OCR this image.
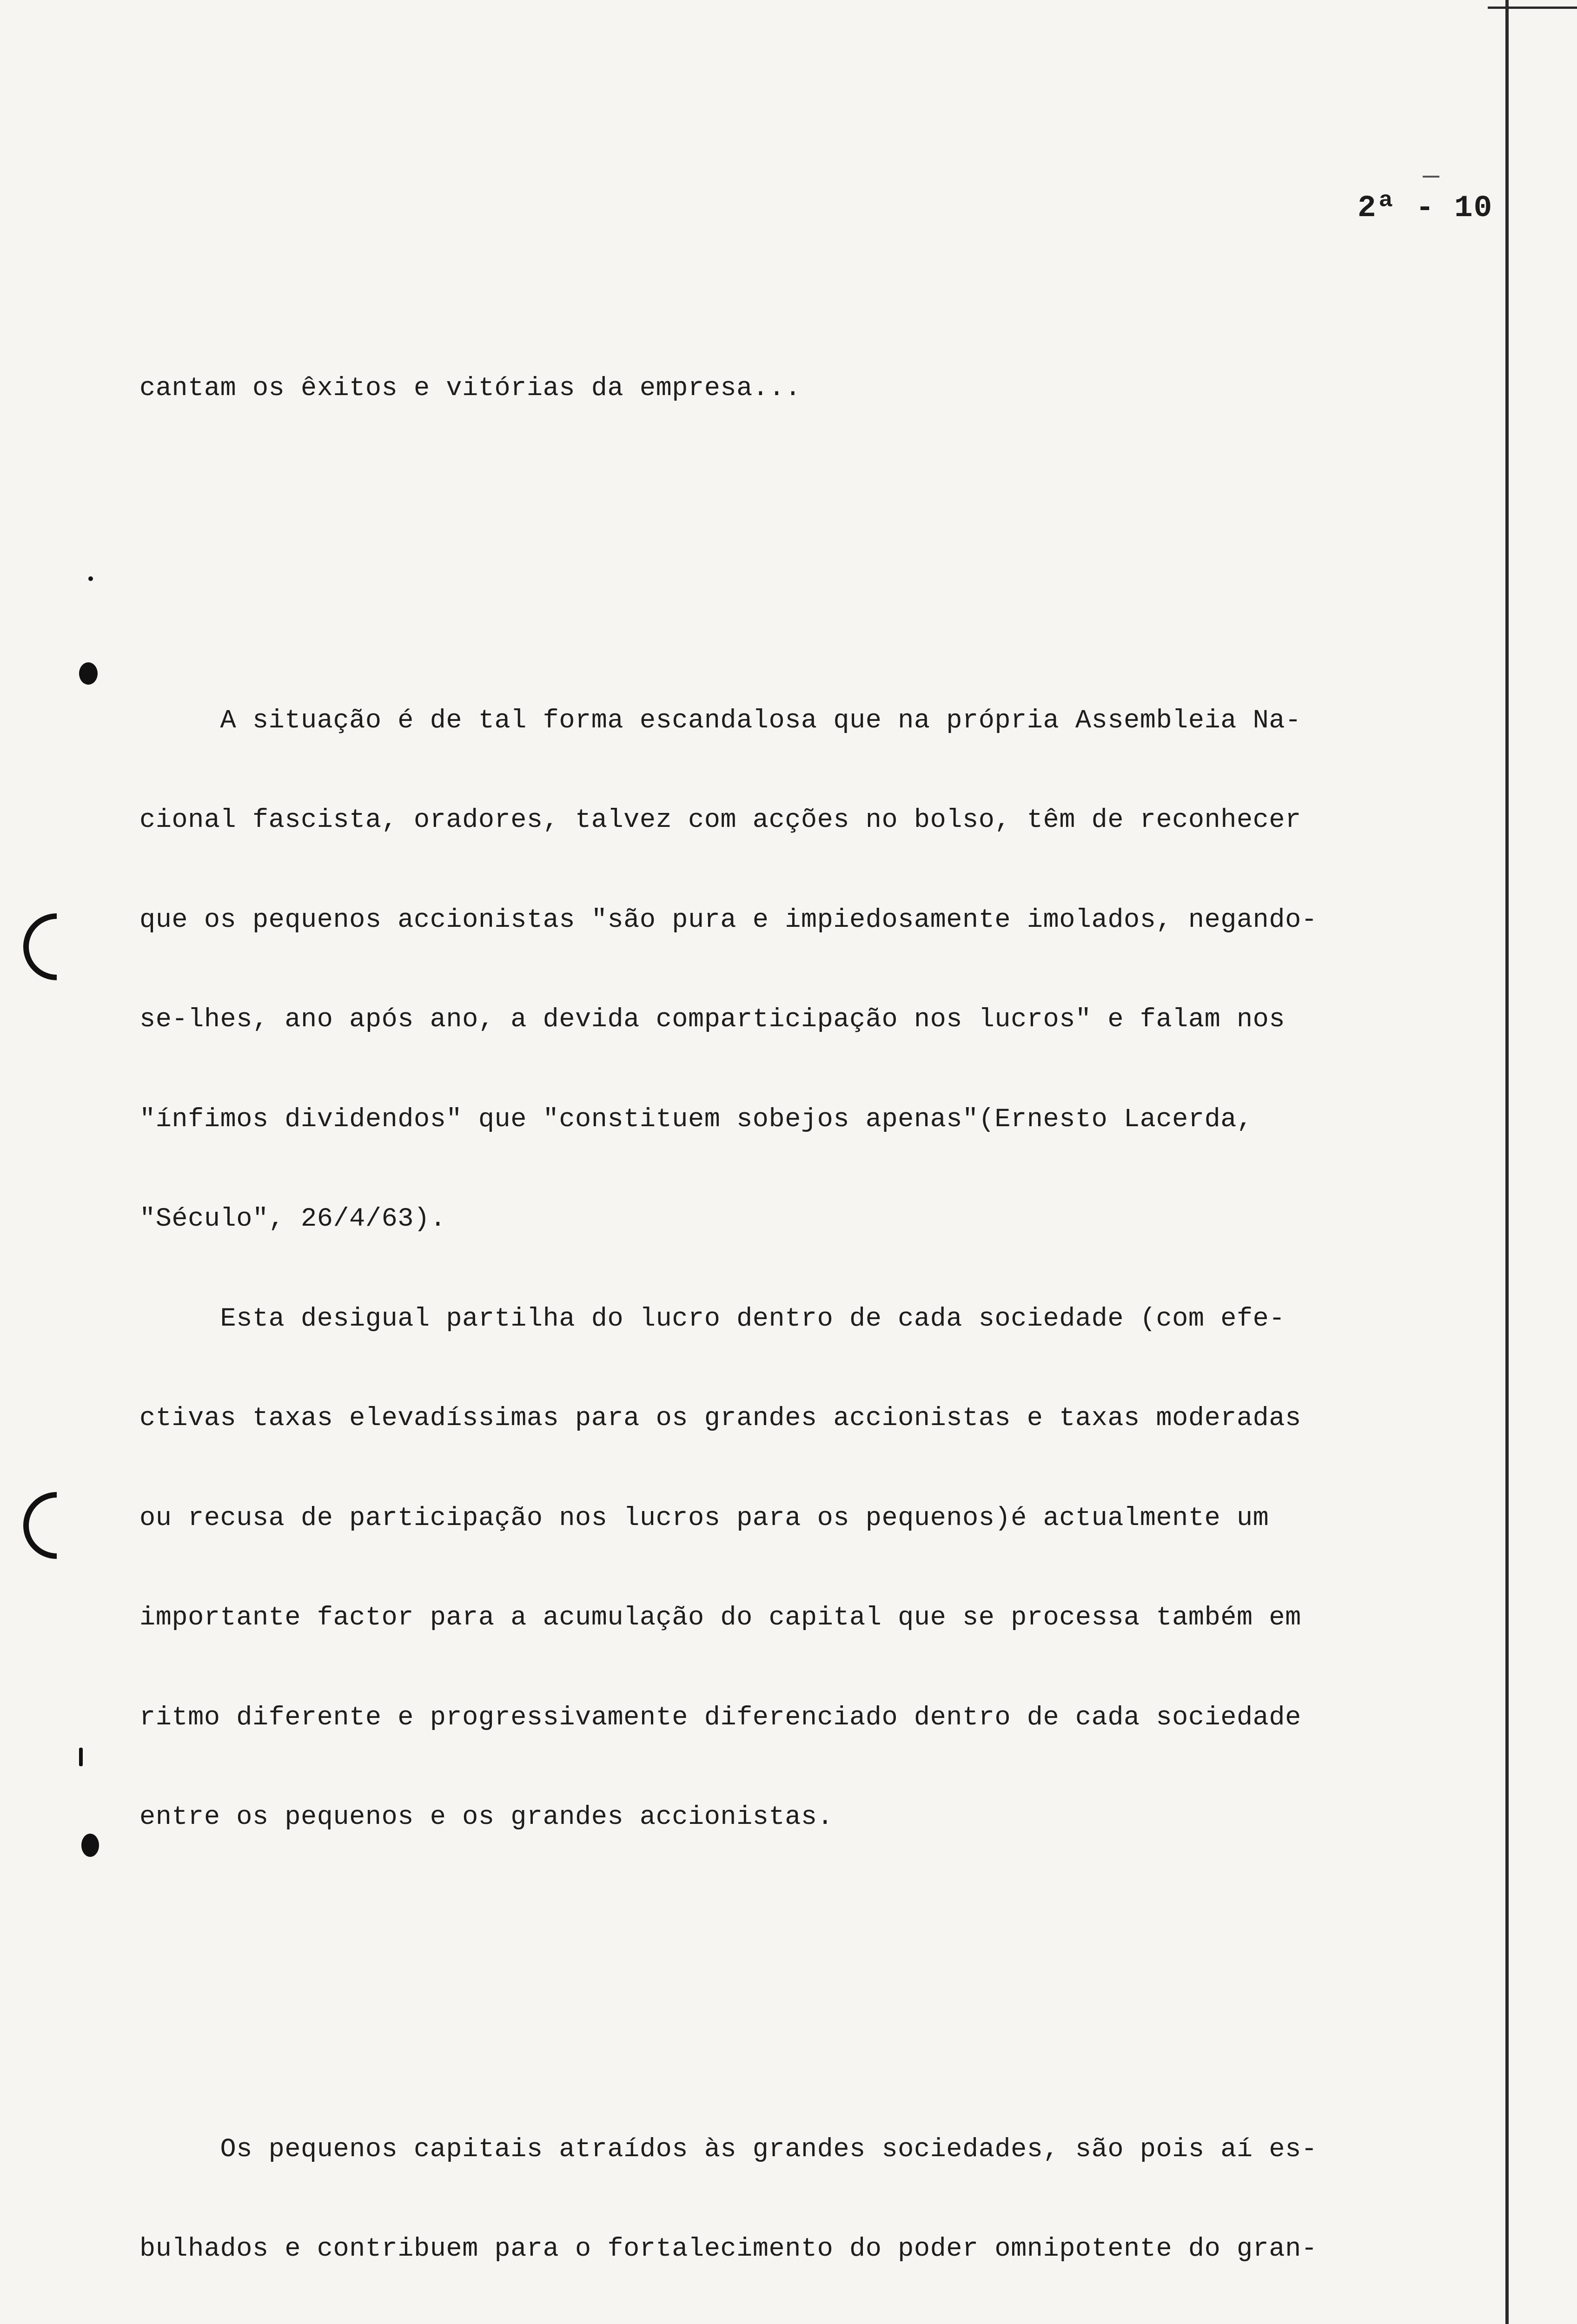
2ª - 10

cantam os êxitos e vitórias da empresa...

A situação é de tal forma escandalosa que na própria Assembleia Na-

cional fascista, oradores, talvez com acções no bolso, têm de reconhecer

que os pequenos accionistas "são pura e impiedosamente imolados, negando-

se-lhes, ano após ano, a devida comparticipação nos lucros" e falam nos

"ínfimos dividendos" que "constituem sobejos apenas"(Ernesto Lacerda,

"Século", 26/4/63).

Esta desigual partilha do lucro dentro de cada sociedade (com efe-

ctivas taxas elevadíssimas para os grandes accionistas e taxas moderadas

ou recusa de participação nos lucros para os pequenos)é actualmente um

importante factor para a acumulação do capital que se processa também em

ritmo diferente e progressivamente diferenciado dentro de cada sociedade

entre os pequenos e os grandes accionistas.

Os pequenos capitais atraídos às grandes sociedades, são pois aí es-

bulhados e contribuem para o fortalecimento do poder omnipotente do gran-
